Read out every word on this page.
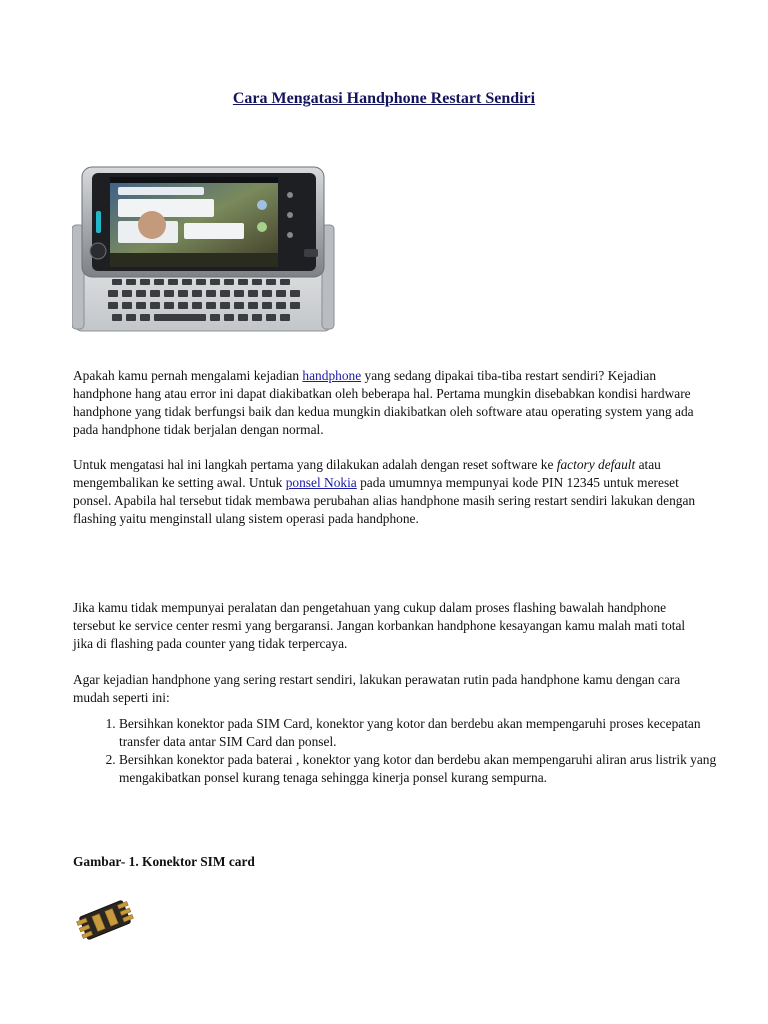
Cara Mengatasi Handphone Restart Sendiri

Apakah kamu pernah mengalami kejadian handphone yang sedang dipakai tiba-tiba restart sendiri? Kejadian handphone hang atau error ini dapat diakibatkan oleh beberapa hal. Pertama mungkin disebabkan kondisi hardware handphone yang tidak berfungsi baik dan kedua mungkin diakibatkan oleh software atau operating system yang ada pada handphone tidak berjalan dengan normal.

Untuk mengatasi hal ini langkah pertama yang dilakukan adalah dengan reset software ke factory default atau mengembalikan ke setting awal. Untuk ponsel Nokia pada umumnya mempunyai kode PIN 12345 untuk mereset ponsel. Apabila hal tersebut tidak membawa perubahan alias handphone masih sering restart sendiri lakukan dengan flashing yaitu menginstall ulang sistem operasi pada handphone.

Jika kamu tidak mempunyai peralatan dan pengetahuan yang cukup dalam proses flashing bawalah handphone tersebut ke service center resmi yang bergaransi. Jangan korbankan handphone kesayangan kamu malah mati total jika di flashing pada counter yang tidak terpercaya.

Agar kejadian handphone yang sering restart sendiri, lakukan perawatan rutin pada handphone kamu dengan cara mudah seperti ini:

1. Bersihkan konektor pada SIM Card, konektor yang kotor dan berdebu akan mempengaruhi proses kecepatan transfer data antar SIM Card dan ponsel.
2. Bersihkan konektor pada baterai , konektor yang kotor dan berdebu akan mempengaruhi aliran arus listrik yang mengakibatkan ponsel kurang tenaga sehingga kinerja ponsel kurang sempurna.
Gambar- 1. Konektor SIM card
